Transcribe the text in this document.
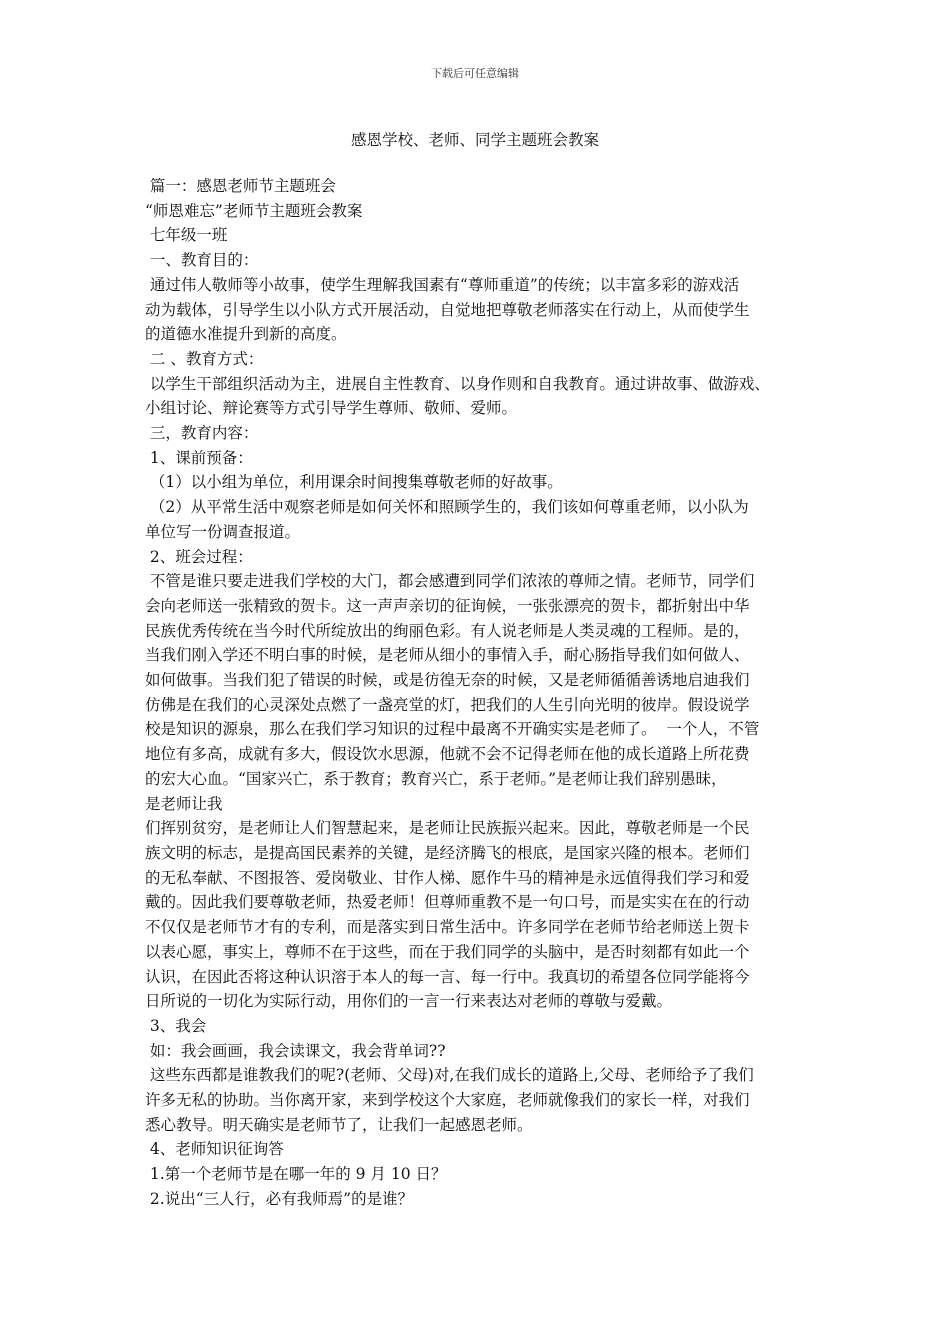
下载后可任意编辑
感恩学校、老师、同学主题班会教案
篇一：感恩老师节主题班会
“师恩难忘”老师节主题班会教案
七年级一班
一、教育目的：
通过伟人敬师等小故事，使学生理解我国素有“尊师重道”的传统；以丰富多彩的游戏活
动为载体，引导学生以小队方式开展活动，自觉地把尊敬老师落实在行动上，从而使学生
的道德水准提升到新的高度。
二 、教育方式：
以学生干部组织活动为主，进展自主性教育、以身作则和自我教育。通过讲故事、做游戏、
小组讨论、辩论赛等方式引导学生尊师、敬师、爱师。
三，教育内容：
1、课前预备：
（1）以小组为单位，利用课余时间搜集尊敬老师的好故事。
（2）从平常生活中观察老师是如何关怀和照顾学生的，我们该如何尊重老师，以小队为
单位写一份调查报道。
2、班会过程：
不管是谁只要走进我们学校的大门，都会感遭到同学们浓浓的尊师之情。老师节，同学们
会向老师送一张精致的贺卡。这一声声亲切的征询候，一张张漂亮的贺卡，都折射出中华
民族优秀传统在当今时代所绽放出的绚丽色彩。有人说老师是人类灵魂的工程师。是的，
当我们刚入学还不明白事的时候，是老师从细小的事情入手，耐心肠指导我们如何做人、
如何做事。当我们犯了错误的时候，或是彷徨无奈的时候，又是老师循循善诱地启迪我们
仿佛是在我们的心灵深处点燃了一盏亮堂的灯，把我们的人生引向光明的彼岸。假设说学
校是知识的源泉，那么在我们学习知识的过程中最离不开确实实是老师了。  一个人，不管
地位有多高，成就有多大，假设饮水思源，他就不会不记得老师在他的成长道路上所花费
的宏大心血。“国家兴亡，系于教育；教育兴亡，系于老师。”是老师让我们辞别愚昧，
是老师让我
们挥别贫穷，是老师让人们智慧起来，是老师让民族振兴起来。因此，尊敬老师是一个民
族文明的标志，是提高国民素养的关键，是经济腾飞的根底，是国家兴隆的根本。老师们
的无私奉献、不图报答、爱岗敬业、甘作人梯、愿作牛马的精神是永远值得我们学习和爱
戴的。因此我们要尊敬老师，热爱老师！但尊师重教不是一句口号，而是实实在在的行动
不仅仅是老师节才有的专利，而是落实到日常生活中。许多同学在老师节给老师送上贺卡
以表心愿，事实上，尊师不在于这些，而在于我们同学的头脑中，是否时刻都有如此一个
认识，在因此否将这种认识溶于本人的每一言、每一行中。我真切的希望各位同学能将今
日所说的一切化为实际行动，用你们的一言一行来表达对老师的尊敬与爱戴。
3、我会
如：我会画画，我会读课文，我会背单词??
这些东西都是谁教我们的呢?(老师、父母)对,在我们成长的道路上,父母、老师给予了我们
许多无私的协助。当你离开家，来到学校这个大家庭，老师就像我们的家长一样，对我们
悉心教导。明天确实是老师节了，让我们一起感恩老师。
4、老师知识征询答
1.第一个老师节是在哪一年的 9 月 10 日？
2.说出“三人行，必有我师焉”的是谁？
